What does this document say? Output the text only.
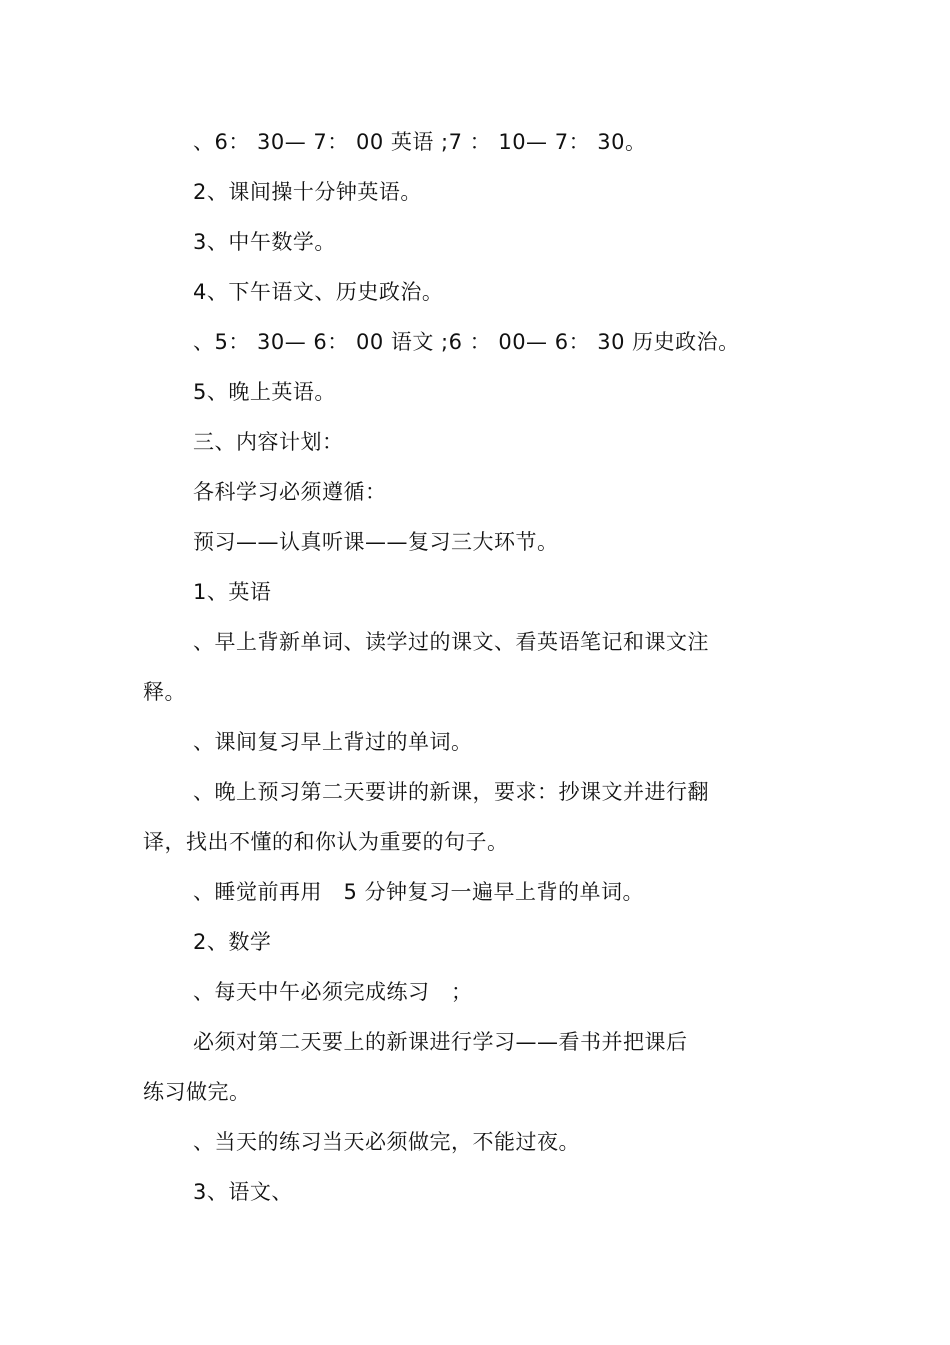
、6： 30— 7： 00 英语 ;7 ： 10— 7： 30。
2、课间操十分钟英语。
3、中午数学。
4、下午语文、历史政治。
、5： 30— 6： 00 语文 ;6 ： 00— 6： 30 历史政治。
5、晚上英语。
三、内容计划：
各科学习必须遵循：
预习——认真听课——复习三大环节。
1、英语
、早上背新单词、读学过的课文、看英语笔记和课文注
释。
、课间复习早上背过的单词。
、晚上预习第二天要讲的新课，要求：抄课文并进行翻
译，找出不懂的和你认为重要的句子。
、睡觉前再用　5 分钟复习一遍早上背的单词。
2、数学
、每天中午必须完成练习　；
必须对第二天要上的新课进行学习——看书并把课后
练习做完。
、当天的练习当天必须做完，不能过夜。
3、语文、
